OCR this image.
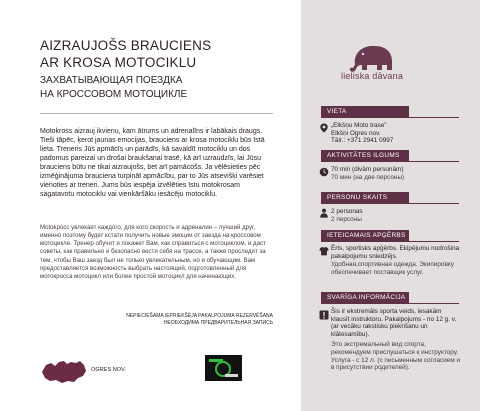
AIZRAUJOŠS BRAUCIENS
AR KROSA MOTOCIKLU
ЗАХВАТЫВАЮЩАЯ ПОЕЗДКА
НА КРОССОВОМ МОТОЦИКЛЕ

Motokross aizrauj ikvienu, kam ātrums un adrenalīns ir labākais draugs. Tieši tāpēc, ķerot jaunas emocijas, brauciens ar krosa motociklu būs īstā lieta. Treneris Jūs apmācīs un parādīs, kā savaldīt motociklu un dos padomus pareizai un drošai braukšanai trasē, kā arī uzraudzīs, lai Jūsu brauciens būtu ne tikai aizraujošs, bet arī pamācošs. Ja vēlēsieties pēc izmēģinājuma brauciena turpināt apmācību, par to Jūs atsevišķi varēsiet vienoties ar treneri. Jums būs iespēja izvēlēties īstu motokrosam sagatavotu motociklu vai vienkāršāku iesācēju motociklu.

Motokросс увлекает каждого, для кого скорость и адреналин – лучший друг, именно поэтому будет кстати получить новые эмоции от заезда на кроссовом мотоцикле. Тренер обучит и покажет Вам, как справиться с мотоциклом, и даст советы, как правильно и безопасно вести себя на трассе, а также проследит за тем, чтобы Ваш заезд был не только увлекательным, но и обучающим. Вам предоставляется возможность выбрать настоящий, подготовленный для мотокросса мотоцикл или более простой мотоцикл для начинающих.

NEPIECIEŠAMA IEPRIEKŠĒJA PAKALPOJUMA REZERVĒŠANA
НЕОБХОДИМА ПРЕДВАРИТЕЛЬНАЯ ЗАПИСЬ
OGRES NOV.
lieliska dāvana
VIETA
„Elkšņu Moto trase”
Elkšņi Ogres nov.
Tālr.: +371 2941 0997
AKTIVITĀTES ILGUMS
70 min (divām personām)
70 мин (на две персоны)
PERSONU SKAITS
2 personas
2 персоны
IETEICAMAIS APĢĒRBS
Ērts, sportisks apģērbs. Ekipējumu nodrošina pakalpojumu sniedzējs.
Удобная,спортивная одежда. Экипировку обеспечивает поставщик услуг.
SVARĪGA INFORMĀCIJA
Šis ir ekstremāls sporta veids, iesakām klausīt instruktoru. Pakalpojums - no 12 g. v. (ar vecāku rakstisku piekrišanu un klātesamību).
Это экстремальный вид спорта, рекомендуем прислушаться к инструктору. Услуга - с 12 л. (с письменным согласием и в присутствии родителей).
